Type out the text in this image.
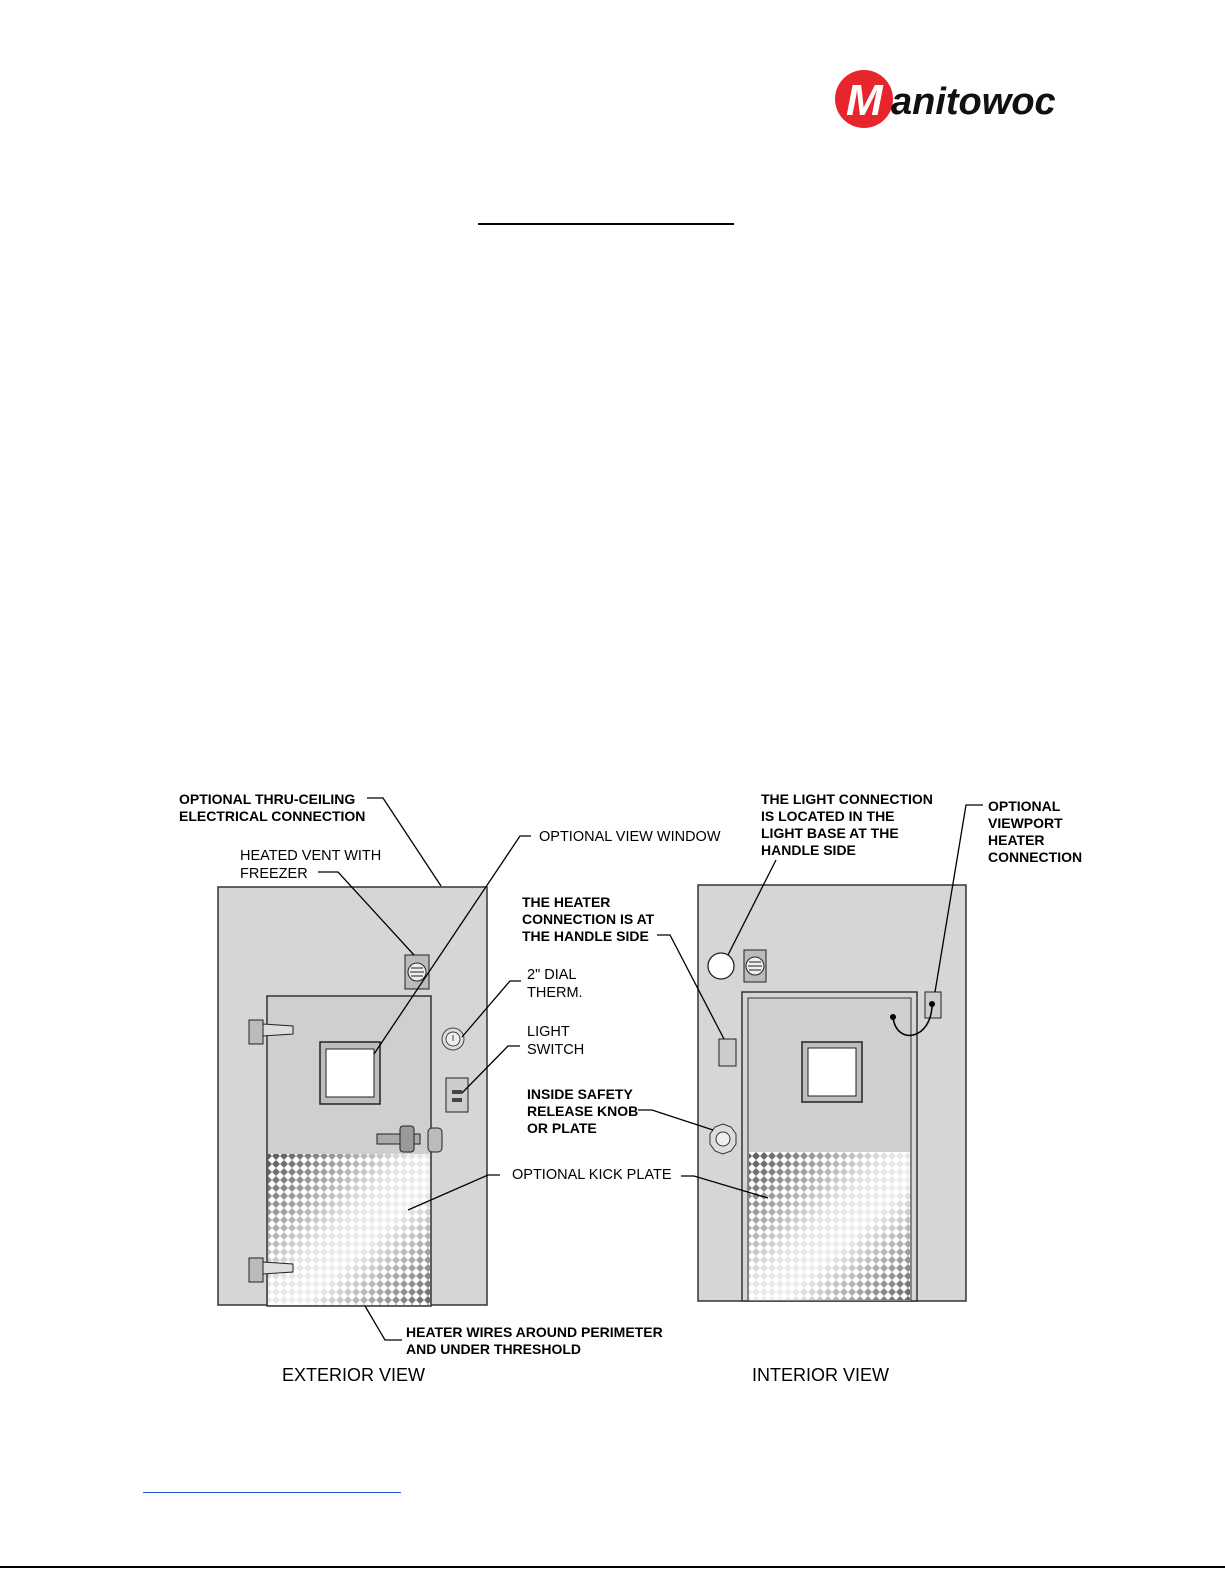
M anitowoc
OPTIONAL THRU-CEILING
ELECTRICAL CONNECTION
HEATED VENT WITH
FREEZER
OPTIONAL VIEW WINDOW
2" DIAL
THERM.
LIGHT
SWITCH
OPTIONAL KICK PLATE
HEATER WIRES AROUND PERIMETER
AND UNDER THRESHOLD
EXTERIOR VIEW
THE LIGHT CONNECTION
IS LOCATED IN THE
LIGHT BASE AT THE
HANDLE SIDE
OPTIONAL
VIEWPORT
HEATER
CONNECTION
THE HEATER
CONNECTION IS AT
THE HANDLE SIDE
INSIDE SAFETY
RELEASE KNOB
OR PLATE
INTERIOR VIEW
